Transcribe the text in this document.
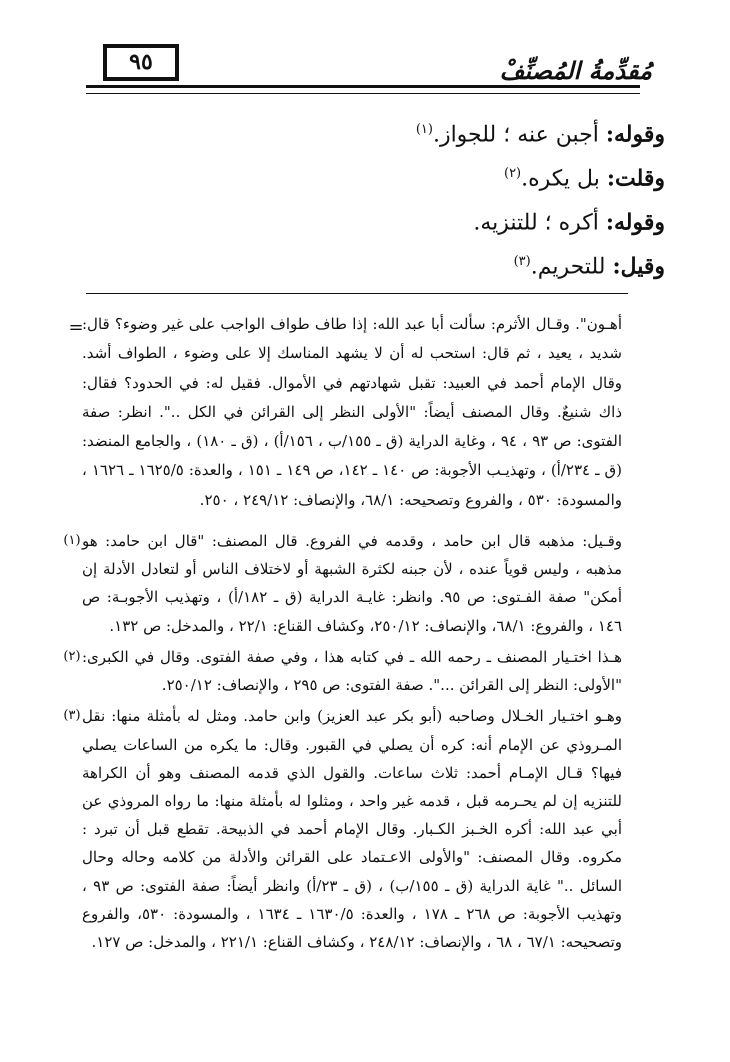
٩٥	مُقدِّمةُ المُصنِّفْ
وقوله: أجبن عنه ؛ للجواز.$^{(١)}$
وقلت: بل يكره.$^{(٢)}$
وقوله: أكره ؛ للتنزيه.
وقيل: للتحريم.$^{(٣)}$
=
أهـون". وقـال الأثرم: سألت أبا عبد الله: إذا طاف طواف الواجب على غير وضوء؟ قال: شديد ، يعيد ، ثم قال: استحب له أن لا يشهد المناسك إلا على وضوء ، الطواف أشد. وقال الإمام أحمد في العبيد: تقبل شهادتهم في الأموال. فقيل له: في الحدود؟ فقال: ذاك شنيعٌ. وقال المصنف أيضاً: "الأولى النظر إلى القرائن في الكل ..". انظر: صفة الفتوى: ص ٩٣ ، ٩٤ ، وغاية الدراية (ق ـ ١٥٥/ب ، ١٥٦/أ) ، (ق ـ ١٨٠) ، والجامع المنضد: (ق ـ ٢٣٤/أ) ، وتهذيـب الأجوبة: ص ١٤٠ ـ ١٤٢، ص ١٤٩ ـ ١٥١ ، والعدة: ١٦٢٥/٥ ـ ١٦٢٦ ، والمسودة: ٥٣٠ ، والفروع وتصحيحه: ٦٨/١، والإنصاف: ٢٤٩/١٢ ، ٢٥٠.
(١) وقـيل: مذهبه قال ابن حامد ، وقدمه في الفروع. قال المصنف: "قال ابن حامد: هو مذهبه ، وليس قوياً عنده ، لأن جبنه لكثرة الشبهة أو لاختلاف الناس أو لتعادل الأدلة إن أمكن" صفة الفـتوى: ص ٩٥. وانظر: غايـة الدراية (ق ـ ١٨٢/أ) ، وتهذيب الأجوبـة: ص ١٤٦ ، والفروع: ٦٨/١، والإنصاف: ٢٥٠/١٢، وكشاف القناع: ٢٢/١ ، والمدخل: ص ١٣٢.
(٢) هـذا اختـيار المصنف ـ رحمه الله ـ في كتابه هذا ، وفي صفة الفتوى. وقال في الكبرى: "الأولى: النظر إلى القرائن ...". صفة الفتوى: ص ٢٩٥ ، والإنصاف: ٢٥٠/١٢.
(٣) وهـو اختـيار الخـلال وصاحبه (أبو بكر عبد العزيز) وابن حامد. ومثل له بأمثلة منها: نقل المـروذي عن الإمام أنه: كره أن يصلي في القبور. وقال: ما يكره من الساعات يصلي فيها؟ قـال الإمـام أحمد: ثلاث ساعات. والقول الذي قدمه المصنف وهو أن الكراهة للتنزيه إن لم يحـرمه قبل ، قدمه غير واحد ، ومثلوا له بأمثلة منها: ما رواه المروذي عن أبي عبد الله: أكره الخـبز الكـبار. وقال الإمام أحمد في الذبيحة. تقطع قبل أن تبرد : مكروه. وقال المصنف: "والأولى الاعـتماد على القرائن والأدلة من كلامه وحاله وحال السائل .." غاية الدراية (ق ـ ١٥٥/ب) ، (ق ـ ٢٣/أ) وانظر أيضاً: صفة الفتوى: ص ٩٣ ، وتهذيب الأجوبة: ص ٢٦٨ ـ ١٧٨ ، والعدة: ١٦٣٠/٥ ـ ١٦٣٤ ، والمسودة: ٥٣٠، والفروع وتصحيحه: ٦٧/١ ، ٦٨ ، والإنصاف: ٢٤٨/١٢ ، وكشاف القناع: ٢٢١/١ ، والمدخل: ص ١٢٧.
